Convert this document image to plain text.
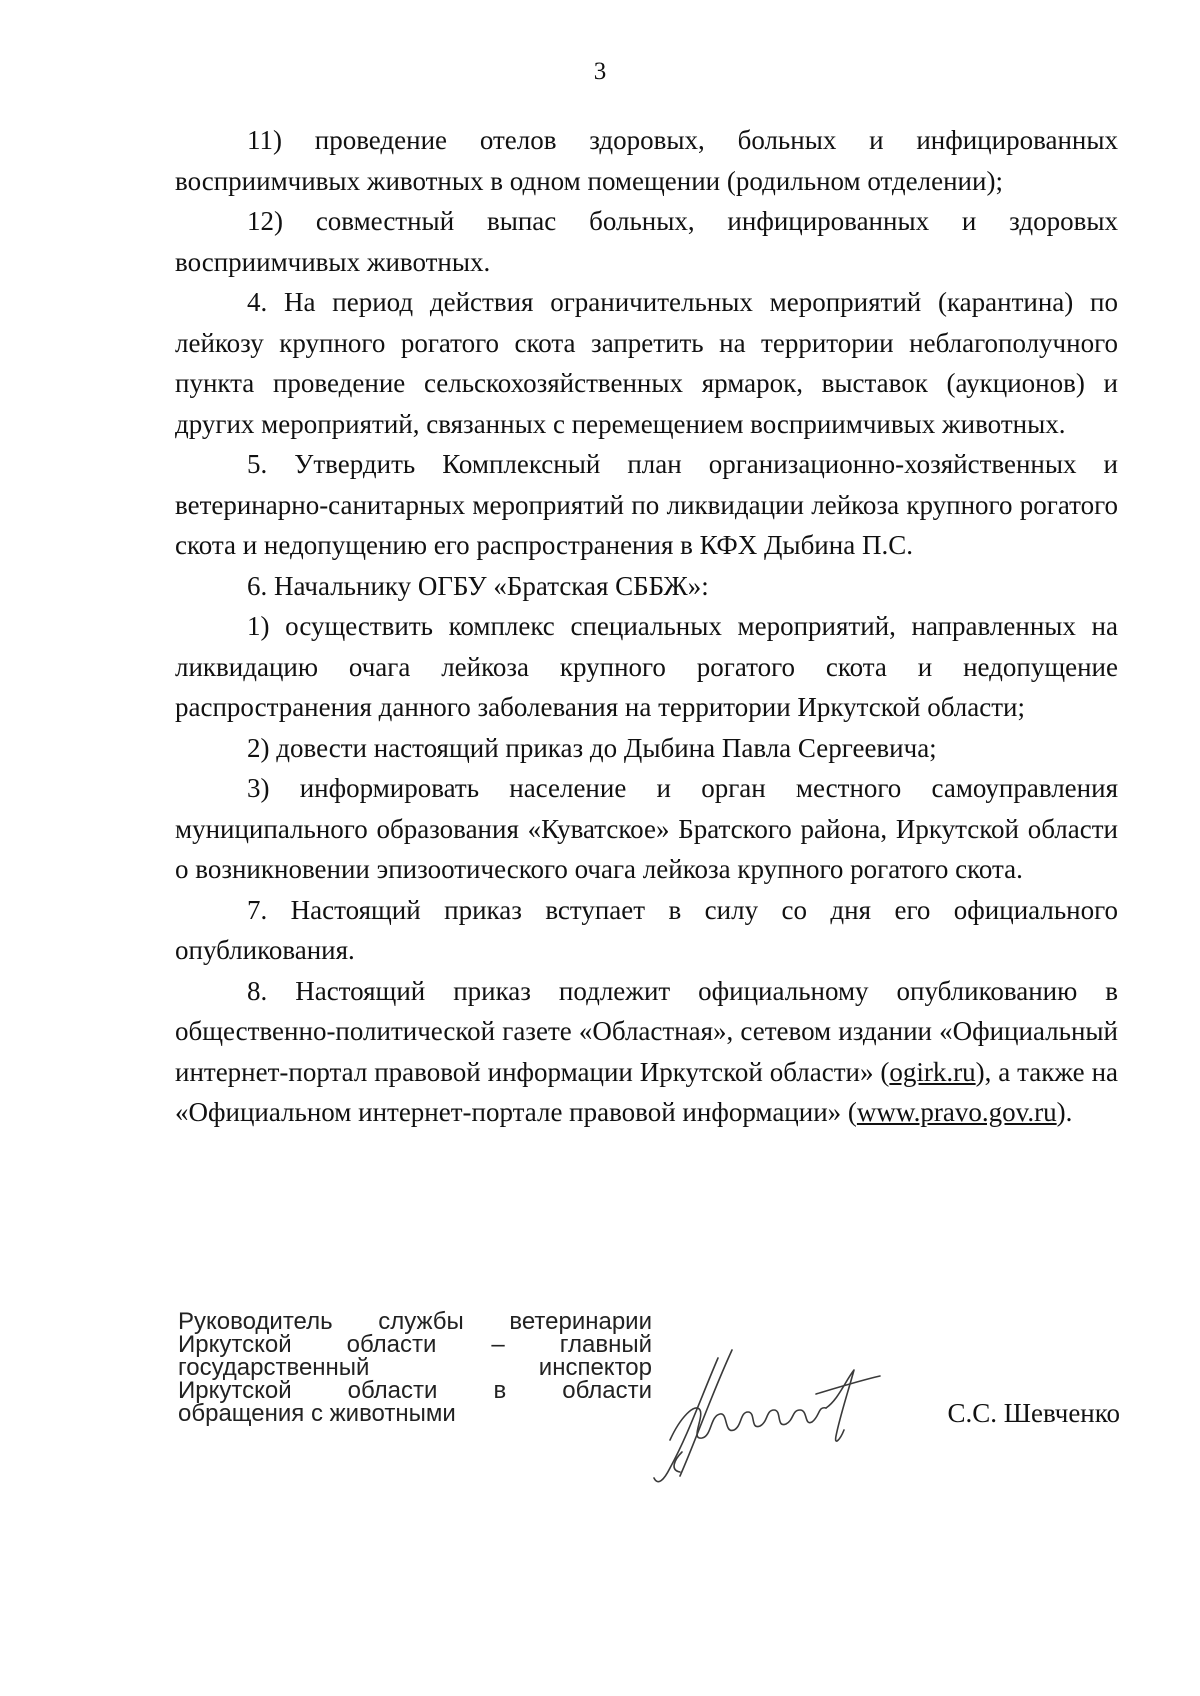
3

11) проведение отелов здоровых, больных и инфицированных восприимчивых животных в одном помещении (родильном отделении);

12) совместный выпас больных, инфицированных и здоровых восприимчивых животных.

4. На период действия ограничительных мероприятий (карантина) по лейкозу крупного рогатого скота запретить на территории неблагополучного пункта проведение сельскохозяйственных ярмарок, выставок (аукционов) и других мероприятий, связанных с перемещением восприимчивых животных.

5. Утвердить Комплексный план организационно-хозяйственных и ветеринарно-санитарных мероприятий по ликвидации лейкоза крупного рогатого скота и недопущению его распространения в КФХ Дыбина П.С.

6. Начальнику ОГБУ «Братская СББЖ»:

1) осуществить комплекс специальных мероприятий, направленных на ликвидацию очага лейкоза крупного рогатого скота и недопущение распространения данного заболевания на территории Иркутской области;

2) довести настоящий приказ до Дыбина Павла Сергеевича;

3) информировать население и орган местного самоуправления муниципального образования «Куватское» Братского района, Иркутской области о возникновении эпизоотического очага лейкоза крупного рогатого скота.

7. Настоящий приказ вступает в силу со дня его официального опубликования.

8. Настоящий приказ подлежит официальному опубликованию в общественно-политической газете «Областная», сетевом издании «Официальный интернет-портал правовой информации Иркутской области» (ogirk.ru), а также на «Официальном интернет-портале правовой информации» (www.pravo.gov.ru).

Руководитель службы ветеринарии
Иркутской области – главный
государственный инспектор
Иркутской области в области
обращения с животными	С.С. Шевченко
